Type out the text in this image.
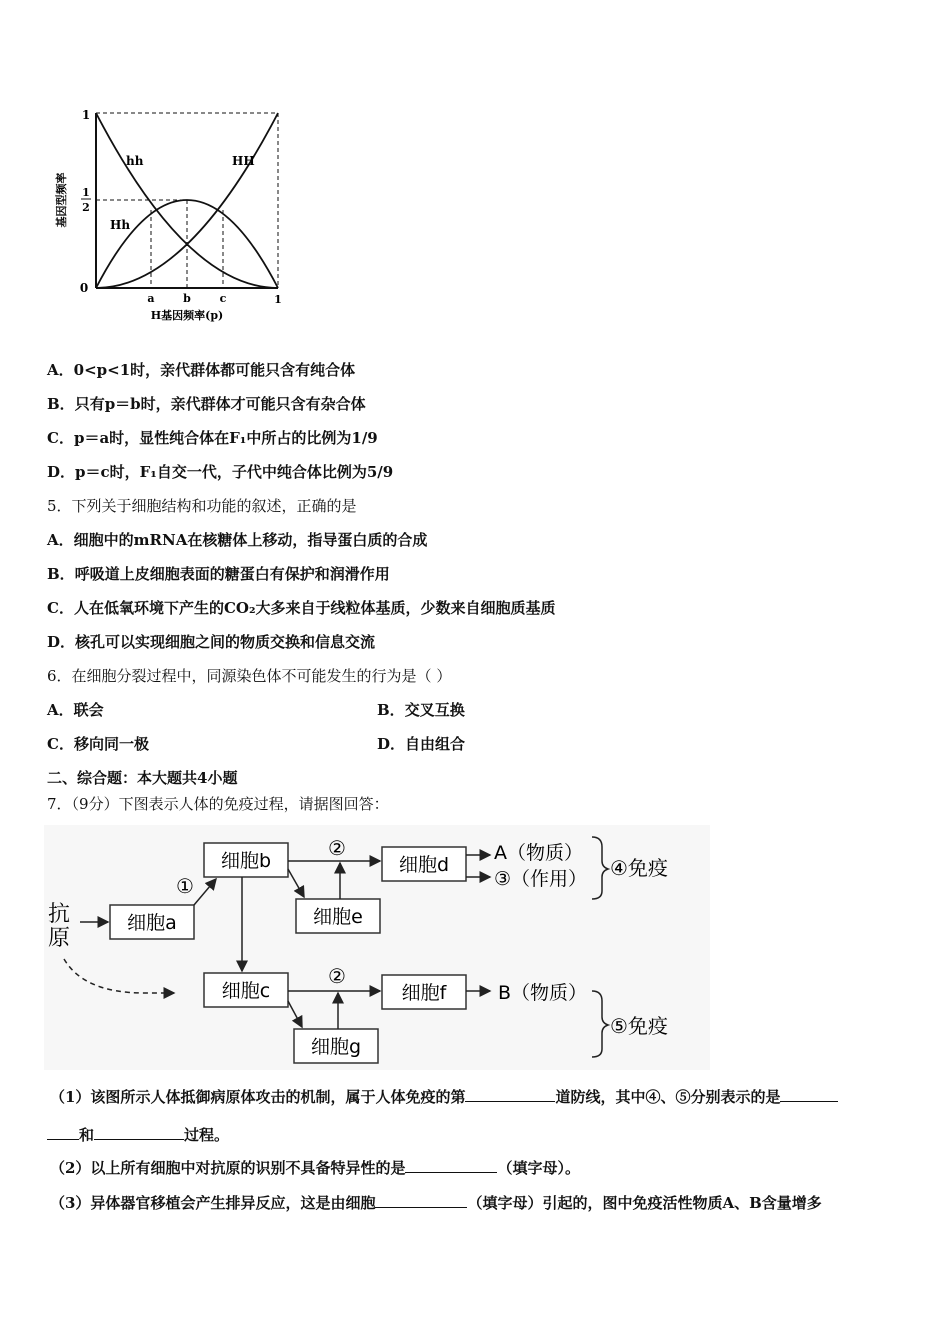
1
1
2
0
a	b	c	1
H基因频率(p)
基因型频率
hh	HH
Hh
A．0<p<1时，亲代群体都可能只含有纯合体
B．只有p＝b时，亲代群体才可能只含有杂合体
C．p＝a时，显性纯合体在F₁中所占的比例为1/9
D．p＝c时，F₁自交一代，子代中纯合体比例为5/9
5．下列关于细胞结构和功能的叙述，正确的是
A．细胞中的mRNA在核糖体上移动，指导蛋白质的合成
B．呼吸道上皮细胞表面的糖蛋白有保护和润滑作用
C．人在低氧环境下产生的CO₂大多来自于线粒体基质，少数来自细胞质基质
D．核孔可以实现细胞之间的物质交换和信息交流
6．在细胞分裂过程中，同源染色体不可能发生的行为是（ ）
A．联会	B．交叉互换
C．移向同一极	D．自由组合
二、综合题：本大题共4小题
7．（9分）下图表示人体的免疫过程，请据图回答：
抗
原
细胞a
细胞b
细胞e
细胞d
细胞c	细胞f
细胞g
①
②	A（物质）
③（作用） ④免疫
②
B（物质）
⑤免疫
（1）该图所示人体抵御病原体攻击的机制，属于人体免疫的第	道防线，其中④、⑤分别表示的是
和	过程。
（2）以上所有细胞中对抗原的识别不具备特异性的是	（填字母）。
（3）异体器官移植会产生排异反应，这是由细胞	（填字母）引起的，图中免疫活性物质A、B含量增多
